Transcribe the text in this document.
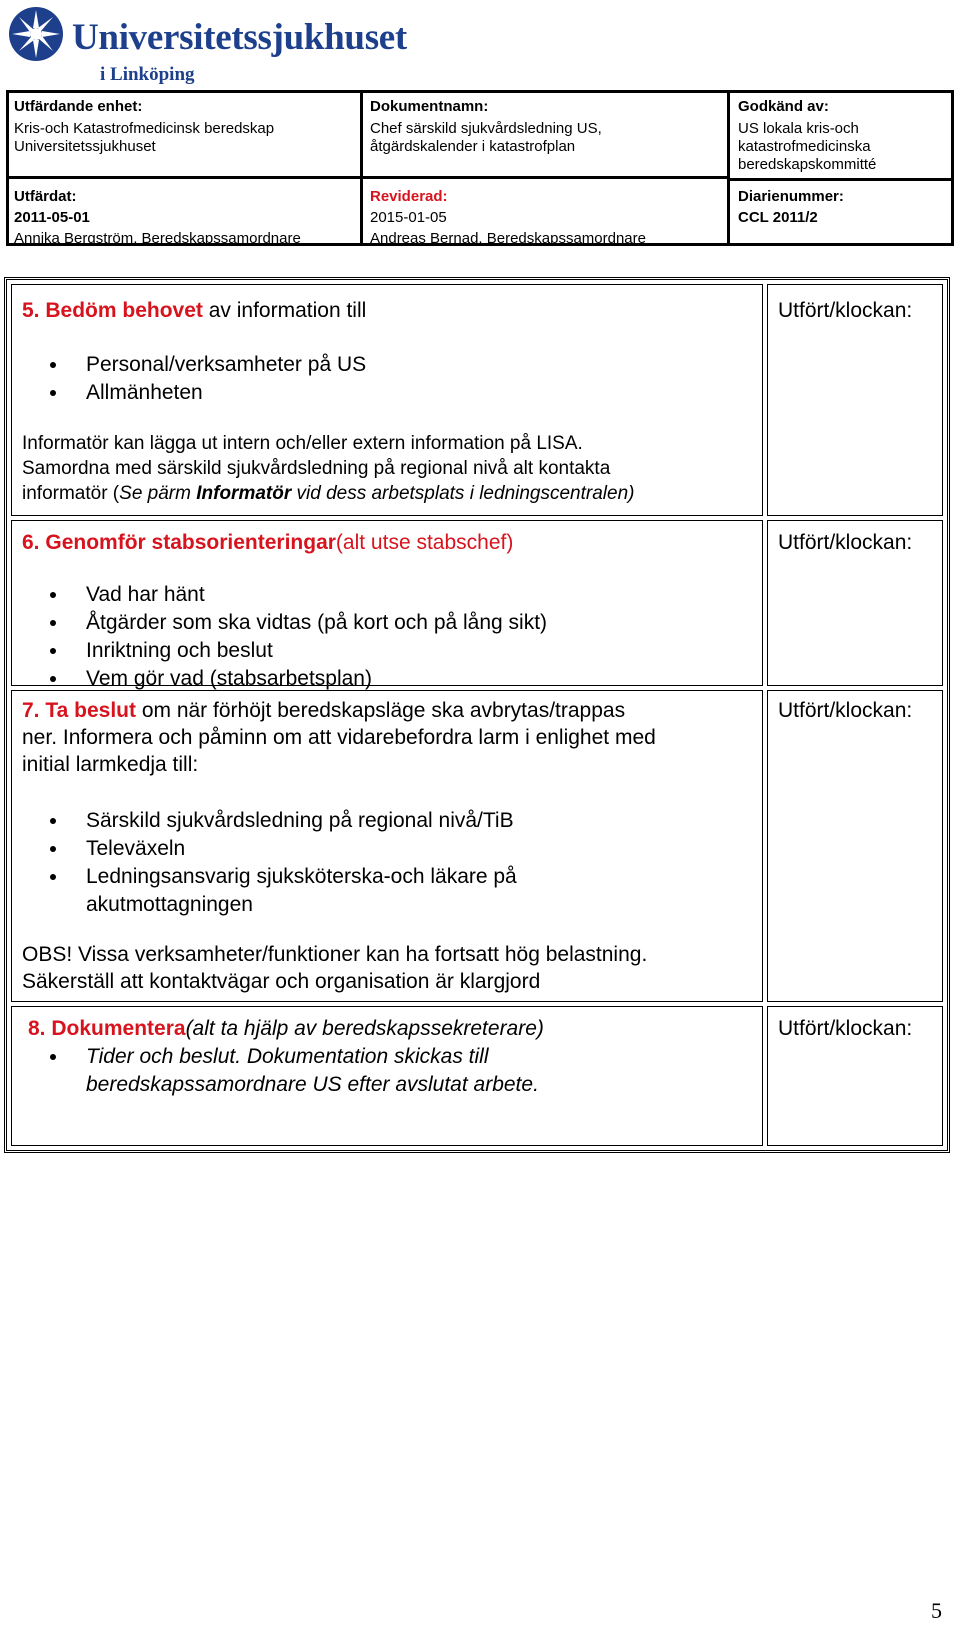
Universitetssjukhuset
i Linköping
Utfärdande enhet:
Kris-och Katastrofmedicinsk beredskap
Universitetssjukhuset
Dokumentnamn:
Chef särskild sjukvårdsledning US,
åtgärdskalender i katastrofplan
Godkänd av:
US lokala kris-och
katastrofmedicinska
beredskapskommitté
Utfärdat:
2011-05-01
Annika Bergström, Beredskapssamordnare
Reviderad:
2015-01-05
Andreas Bernad, Beredskapssamordnare
Diarienummer:
CCL 2011/2
5. Bedöm behovet av information till
Personal/verksamheter på US
Allmänheten
Informatör kan lägga ut intern och/eller extern information på LISA.
Samordna med särskild sjukvårdsledning på regional nivå alt kontakta
informatör (Se pärm Informatör vid dess arbetsplats i ledningscentralen)
Utfört/klockan:
6. Genomför stabsorienteringar(alt utse stabschef)
Vad har hänt
Åtgärder som ska vidtas (på kort och på lång sikt)
Inriktning och beslut
Vem gör vad (stabsarbetsplan)
Utfört/klockan:
7. Ta beslut om när förhöjt beredskapsläge ska avbrytas/trappas
ner. Informera och påminn om att vidarebefordra larm i enlighet med
initial larmkedja till:
Särskild sjukvårdsledning på regional nivå/TiB
Televäxeln
Ledningsansvarig sjuksköterska-och läkare på
akutmottagningen
OBS! Vissa verksamheter/funktioner kan ha fortsatt hög belastning.
Säkerställ att kontaktvägar och organisation är klargjord
Utfört/klockan:
8. Dokumentera(alt ta hjälp av beredskapssekreterare)
Tider och beslut. Dokumentation skickas till
beredskapssamordnare US efter avslutat arbete.
Utfört/klockan:
5
